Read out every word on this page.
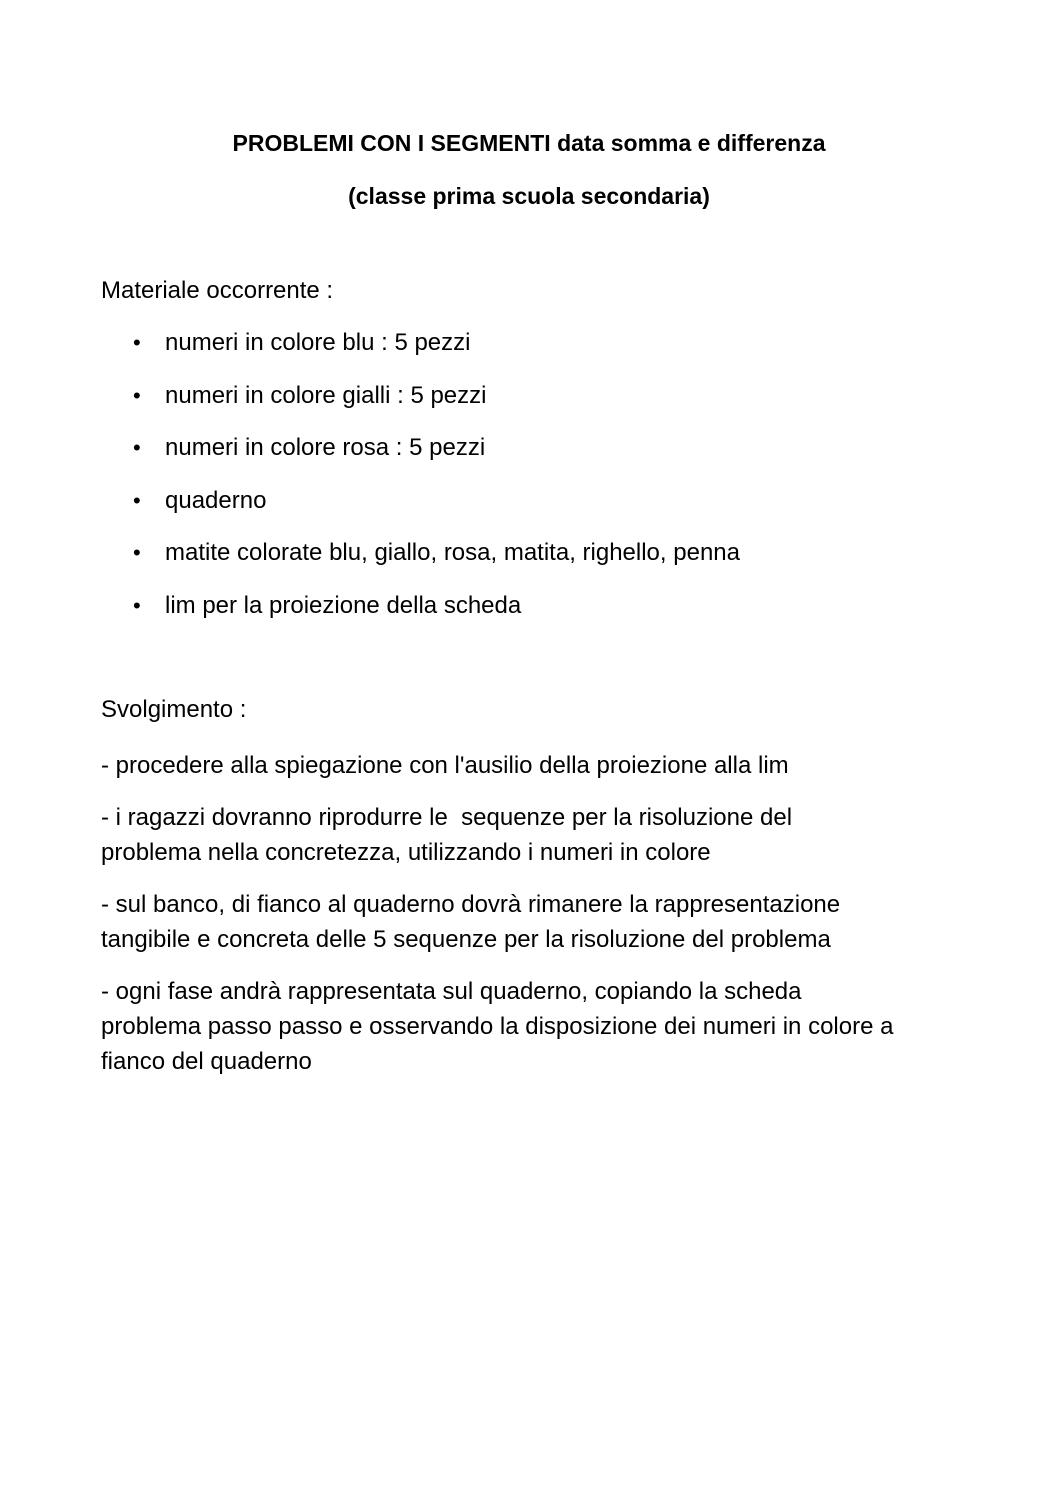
PROBLEMI CON I SEGMENTI data somma e differenza
(classe prima scuola secondaria)

Materiale occorrente :

• numeri in colore blu : 5 pezzi
• numeri in colore gialli : 5 pezzi
• numeri in colore rosa : 5 pezzi
• quaderno
• matite colorate blu, giallo, rosa, matita, righello, penna
• lim per la proiezione della scheda

Svolgimento :

- procedere alla spiegazione con l'ausilio della proiezione alla lim

- i ragazzi dovranno riprodurre le  sequenze per la risoluzione del
problema nella concretezza, utilizzando i numeri in colore

- sul banco, di fianco al quaderno dovrà rimanere la rappresentazione
tangibile e concreta delle 5 sequenze per la risoluzione del problema

- ogni fase andrà rappresentata sul quaderno, copiando la scheda
problema passo passo e osservando la disposizione dei numeri in colore a
fianco del quaderno
